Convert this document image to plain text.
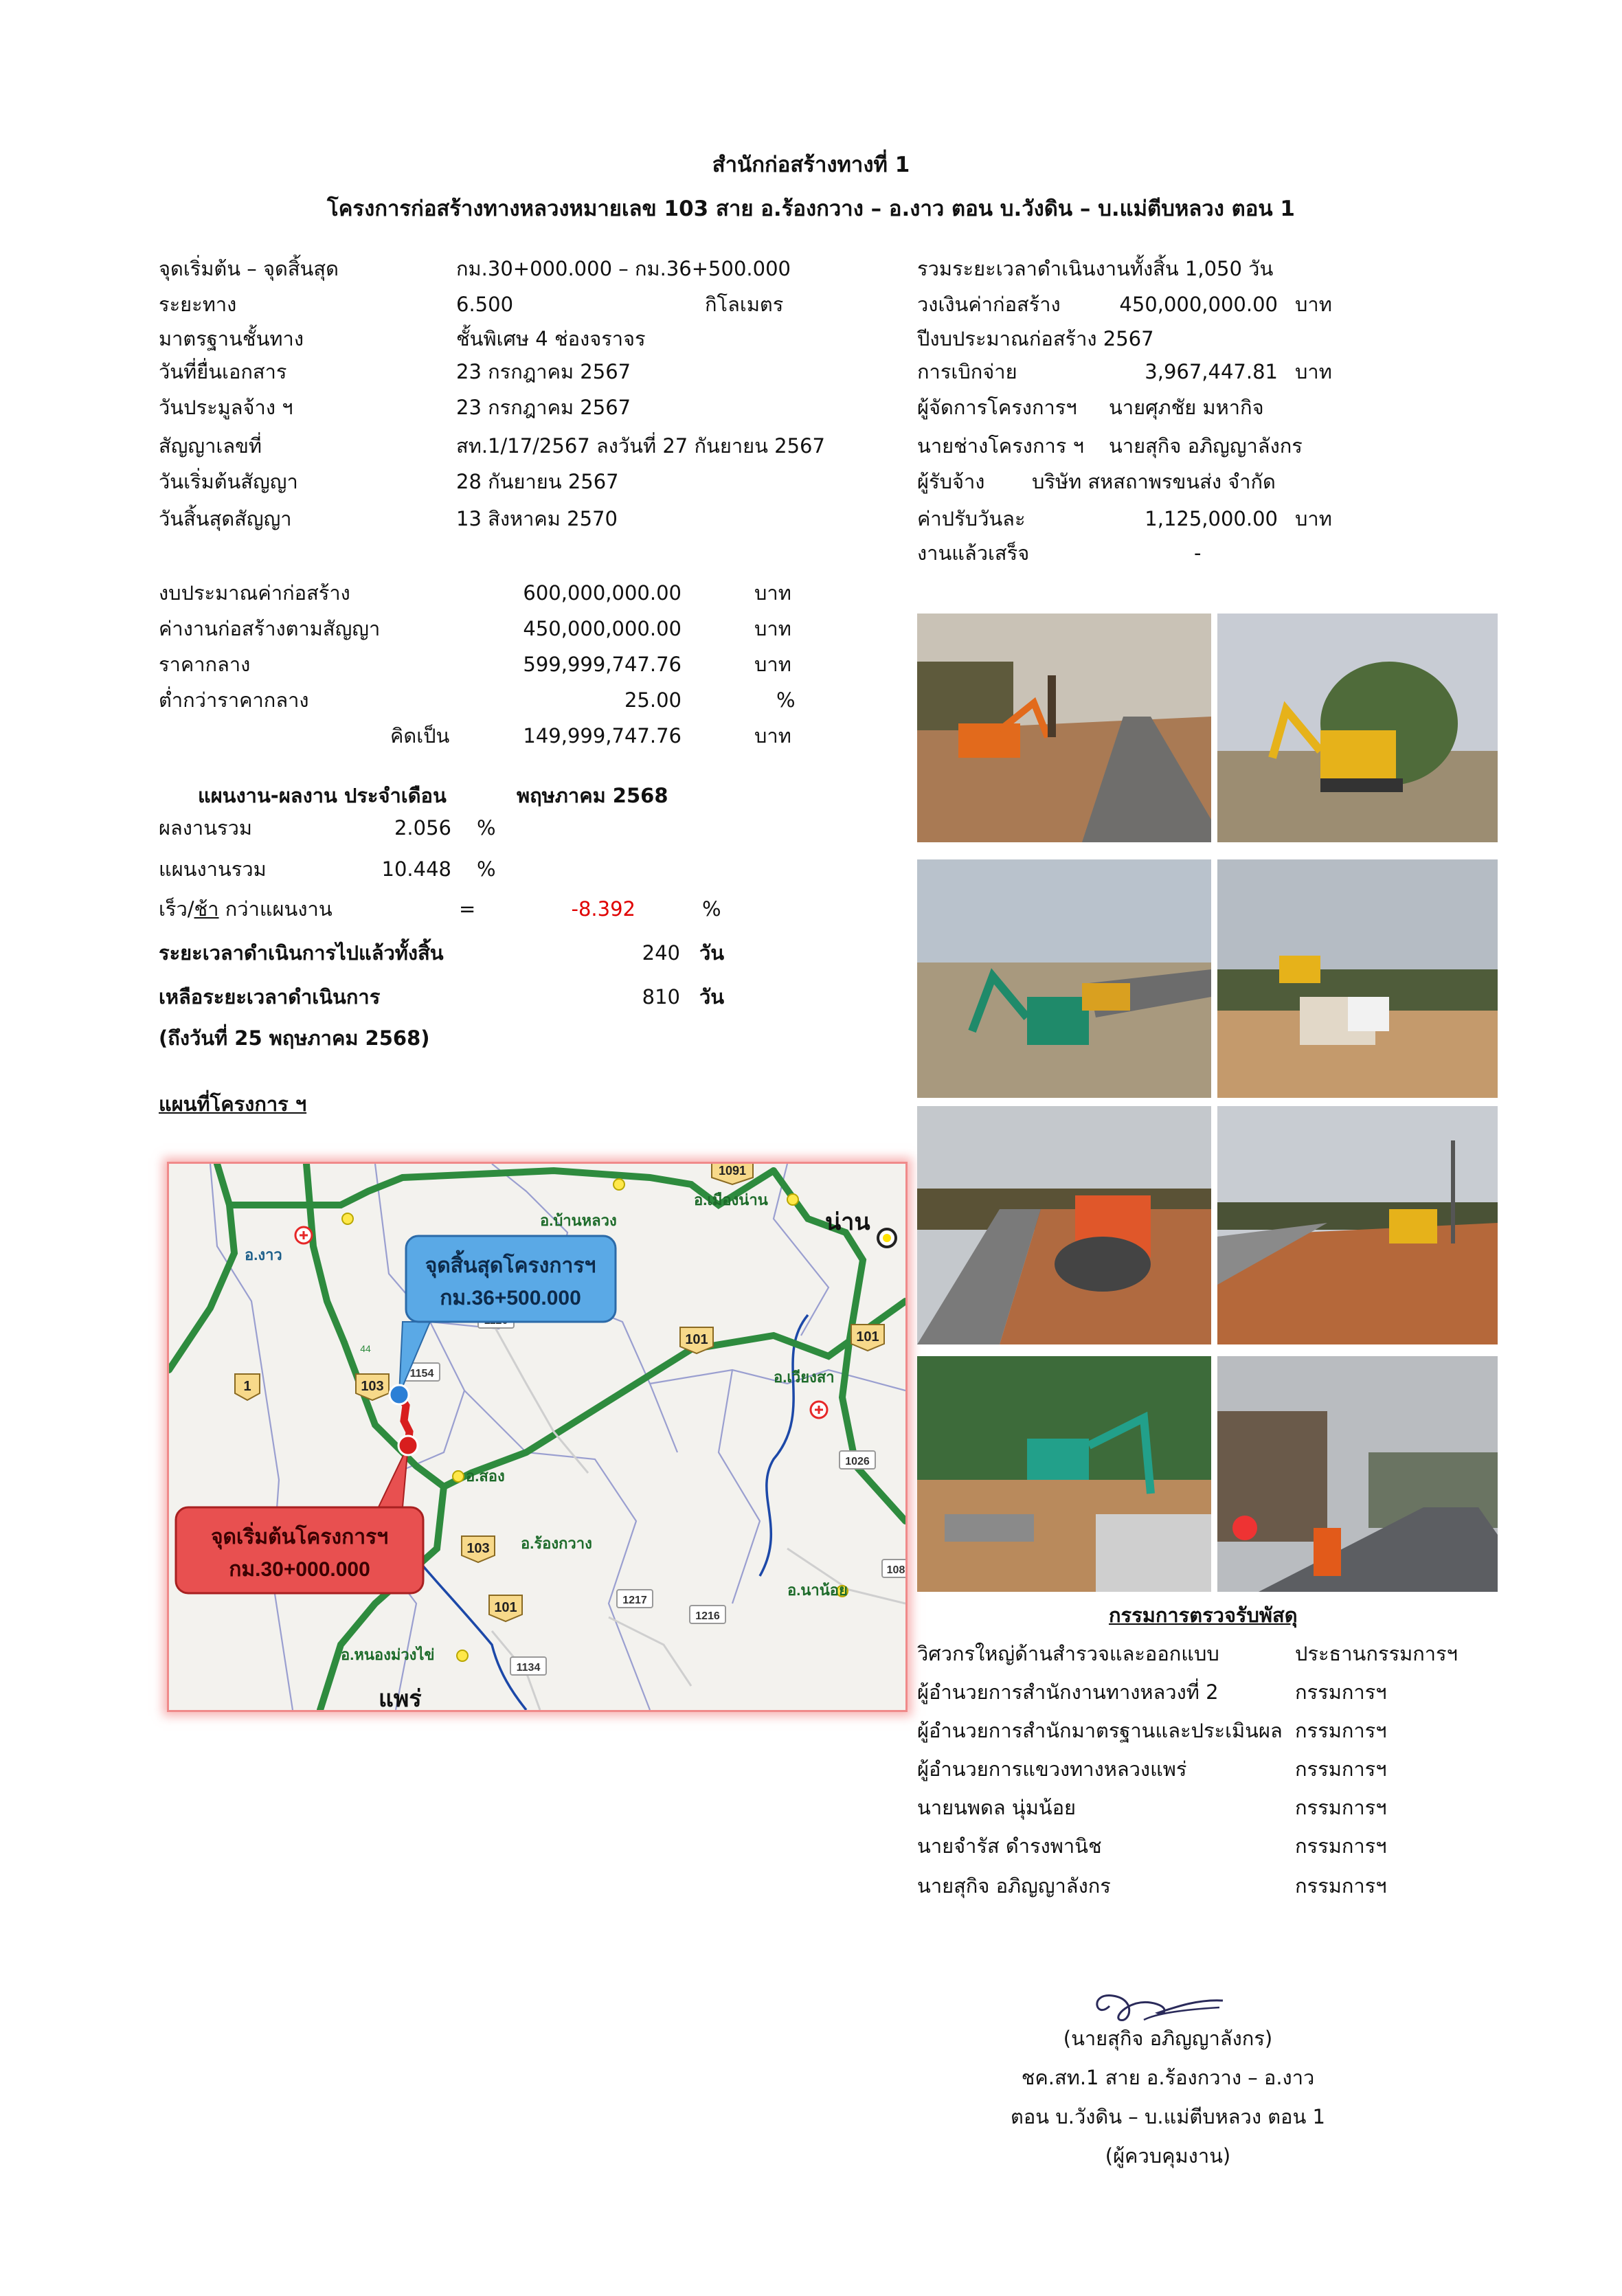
สำนักก่อสร้างทางที่ 1
โครงการก่อสร้างทางหลวงหมายเลข 103 สาย อ.ร้องกวาง – อ.งาว ตอน บ.วังดิน – บ.แม่ตีบหลวง ตอน 1
จุดเริ่มต้น – จุดสิ้นสุด	กม.30+000.000 – กม.36+500.000
ระยะทาง	6.500	กิโลเมตร
มาตรฐานชั้นทาง	ชั้นพิเศษ 4 ช่องจราจร
วันที่ยื่นเอกสาร	23 กรกฎาคม 2567
วันประมูลจ้าง ฯ	23 กรกฎาคม 2567
สัญญาเลขที่	สท.1/17/2567 ลงวันที่ 27 กันยายน 2567
วันเริ่มต้นสัญญา	28 กันยายน 2567
วันสิ้นสุดสัญญา	13 สิงหาคม 2570
รวมระยะเวลาดำเนินงานทั้งสิ้น 1,050 วัน
วงเงินค่าก่อสร้าง	450,000,000.00 บาท
ปีงบประมาณก่อสร้าง 2567
การเบิกจ่าย	3,967,447.81 บาท
ผู้จัดการโครงการฯ นายศุภชัย มหากิจ
นายช่างโครงการ ฯ นายสุกิจ อภิญญาลังกร
ผู้รับจ้าง บริษัท สหสถาพรขนส่ง จำกัด
ค่าปรับวันละ	1,125,000.00 บาท
งานแล้วเสร็จ	-
งบประมาณค่าก่อสร้าง	600,000,000.00	บาท
ค่างานก่อสร้างตามสัญญา	450,000,000.00	บาท
ราคากลาง	599,999,747.76	บาท
ต่ำกว่าราคากลาง	25.00	%
คิดเป็น	149,999,747.76	บาท
แผนงาน-ผลงาน ประจำเดือน	พฤษภาคม 2568
ผลงานรวม	2.056 %
แผนงานรวม	10.448 %
เร็ว/ช้า กว่าแผนงาน	=	-8.392	%
ระยะเวลาดำเนินการไปแล้วทั้งสิ้น	240 วัน
เหลือระยะเวลาดำเนินการ	810 วัน
(ถึงวันที่ 25 พฤษภาคม 2568)
แผนที่โครงการ ฯ
1	103
101	101
101
1091
1154
1026
1217
1216
1134
108
103
44
อ.งาว
อ.บ้านหลวง
อ.เมืองน่าน
น่าน
อ.เวียงสา
อ.สอง
อ.ร้องกวาง
อ.นาน้อย
อ.หนองม่วงไข่
แพร่
จุดสิ้นสุดโครงการฯ
กม.36+500.000
จุดเริ่มต้นโครงการฯ
กม.30+000.000
กรรมการตรวจรับพัสดุ
วิศวกรใหญ่ด้านสำรวจและออกแบบ	ประธานกรรมการฯ
ผู้อำนวยการสำนักงานทางหลวงที่ 2	กรรมการฯ
ผู้อำนวยการสำนักมาตรฐานและประเมินผล กรรมการฯ
ผู้อำนวยการแขวงทางหลวงแพร่	กรรมการฯ
นายนพดล นุ่มน้อย	กรรมการฯ
นายจำรัส ดำรงพานิช	กรรมการฯ
นายสุกิจ อภิญญาลังกร	กรรมการฯ
(นายสุกิจ อภิญญาลังกร)
ชค.สท.1 สาย อ.ร้องกวาง – อ.งาว
ตอน บ.วังดิน – บ.แม่ตีบหลวง ตอน 1
(ผู้ควบคุมงาน)
